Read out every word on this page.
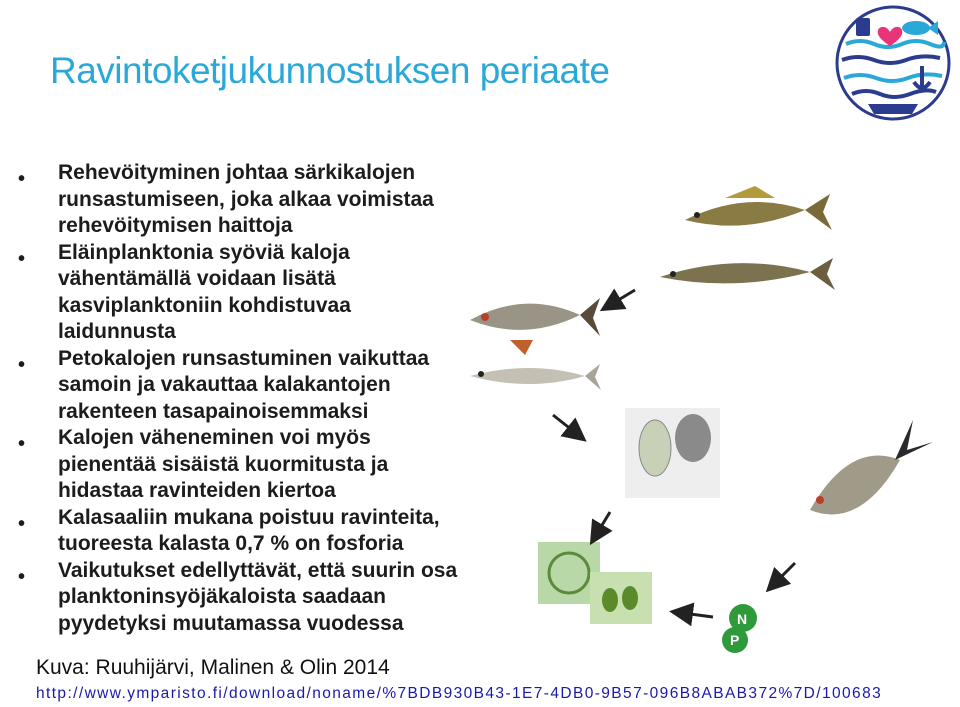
Ravintoketjukunnostuksen periaate
• Rehevöityminen johtaa särkikalojen runsastumiseen, joka alkaa voimistaa rehevöitymisen haittoja
• Eläinplanktonia syöviä kaloja vähentämällä voidaan lisätä kasviplanktoniin kohdistuvaa laidunnusta
• Petokalojen runsastuminen vaikuttaa samoin ja vakauttaa kalakantojen rakenteen tasapainoisemmaksi
• Kalojen väheneminen voi myös pienentää sisäistä kuormitusta ja hidastaa ravinteiden kiertoa
• Kalasaaliin mukana poistuu ravinteita, tuoreesta kalasta 0,7 % on fosforia
• Vaikutukset edellyttävät, että suurin osa planktoninsyöjäkaloista saadaan pyydetyksi muutamassa vuodessa	N
P
Kuva: Ruuhijärvi, Malinen & Olin 2014
http://www.ymparisto.fi/download/noname/%7BDB930B43-1E7-4DB0-9B57-096B8ABAB372%7D/100683
